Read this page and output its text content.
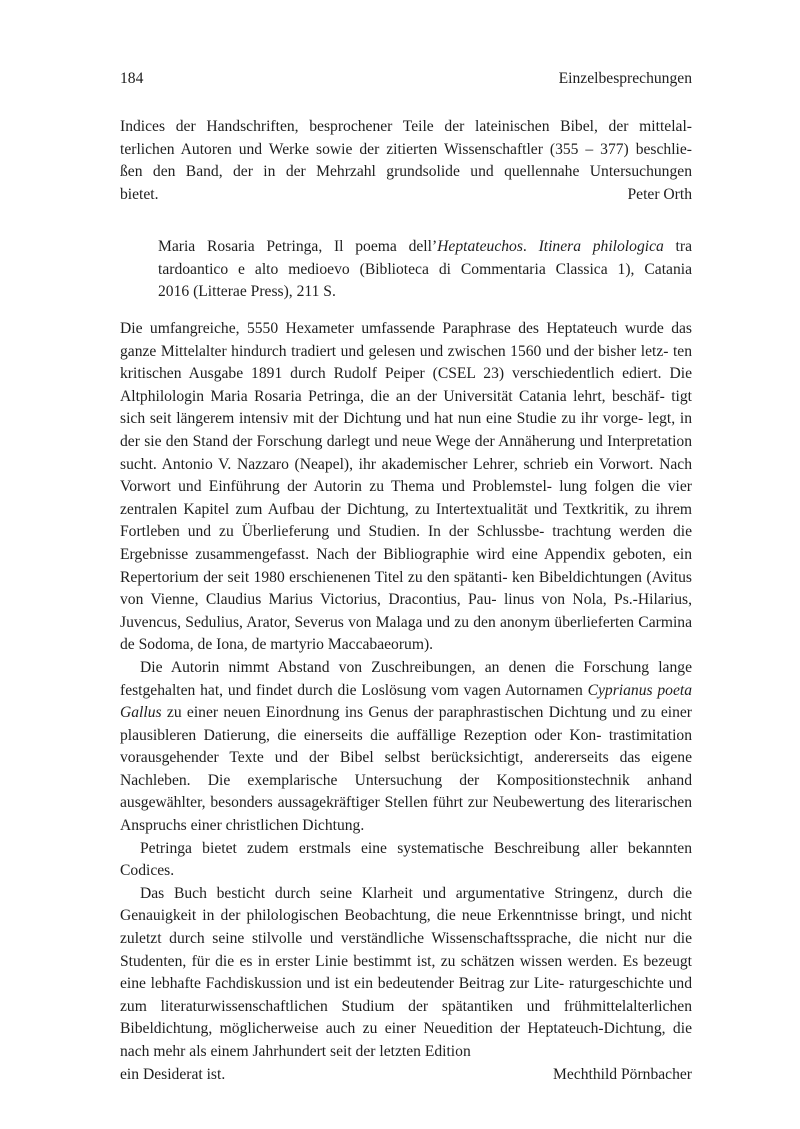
184	Einzelbesprechungen

Indices der Handschriften, besprochener Teile der lateinischen Bibel, der mittelal-

terlichen Autoren und Werke sowie der zitierten Wissenschaftler (355 – 377) beschlie-

ßen den Band, der in der Mehrzahl grundsolide und quellennahe Untersuchungen

bietet.	Peter Orth

Maria Rosaria Petringa, Il poema dell’Heptateuchos. Itinera philologica tra

tardoantico e alto medioevo (Biblioteca di Commentaria Classica 1), Catania

2016 (Litterae Press), 211 S.

Die umfangreiche, 5550 Hexameter umfassende Paraphrase des Heptateuch wurde das ganze Mittelalter hindurch tradiert und gelesen und zwischen 1560 und der bisher letz- ten kritischen Ausgabe 1891 durch Rudolf Peiper (CSEL 23) verschiedentlich ediert. Die Altphilologin Maria Rosaria Petringa, die an der Universität Catania lehrt, beschäf- tigt sich seit längerem intensiv mit der Dichtung und hat nun eine Studie zu ihr vorge- legt, in der sie den Stand der Forschung darlegt und neue Wege der Annäherung und Interpretation sucht. Antonio V. Nazzaro (Neapel), ihr akademischer Lehrer, schrieb ein Vorwort. Nach Vorwort und Einführung der Autorin zu Thema und Problemstel- lung folgen die vier zentralen Kapitel zum Aufbau der Dichtung, zu Intertextualität und Textkritik, zu ihrem Fortleben und zu Überlieferung und Studien. In der Schlussbe- trachtung werden die Ergebnisse zusammengefasst. Nach der Bibliographie wird eine Appendix geboten, ein Repertorium der seit 1980 erschienenen Titel zu den spätanti- ken Bibeldichtungen (Avitus von Vienne, Claudius Marius Victorius, Dracontius, Pau- linus von Nola, Ps.-Hilarius, Juvencus, Sedulius, Arator, Severus von Malaga und zu den anonym überlieferten Carmina de Sodoma, de Iona, de martyrio Maccabaeorum).

Die Autorin nimmt Abstand von Zuschreibungen, an denen die Forschung lange festgehalten hat, und findet durch die Loslösung vom vagen Autornamen Cyprianus poeta Gallus zu einer neuen Einordnung ins Genus der paraphrastischen Dichtung und zu einer plausibleren Datierung, die einerseits die auffällige Rezeption oder Kon- trastimitation vorausgehender Texte und der Bibel selbst berücksichtigt, andererseits das eigene Nachleben. Die exemplarische Untersuchung der Kompositionstechnik anhand ausgewählter, besonders aussagekräftiger Stellen führt zur Neubewertung des literarischen Anspruchs einer christlichen Dichtung.

Petringa bietet zudem erstmals eine systematische Beschreibung aller bekannten Codices.

Das Buch besticht durch seine Klarheit und argumentative Stringenz, durch die Genauigkeit in der philologischen Beobachtung, die neue Erkenntnisse bringt, und nicht zuletzt durch seine stilvolle und verständliche Wissenschaftssprache, die nicht nur die Studenten, für die es in erster Linie bestimmt ist, zu schätzen wissen werden. Es bezeugt eine lebhafte Fachdiskussion und ist ein bedeutender Beitrag zur Lite- raturgeschichte und zum literaturwissenschaftlichen Studium der spätantiken und frühmittelalterlichen Bibeldichtung, möglicherweise auch zu einer Neuedition der Heptateuch-Dichtung, die nach mehr als einem Jahrhundert seit der letzten Edition

ein Desiderat ist.	Mechthild Pörnbacher
